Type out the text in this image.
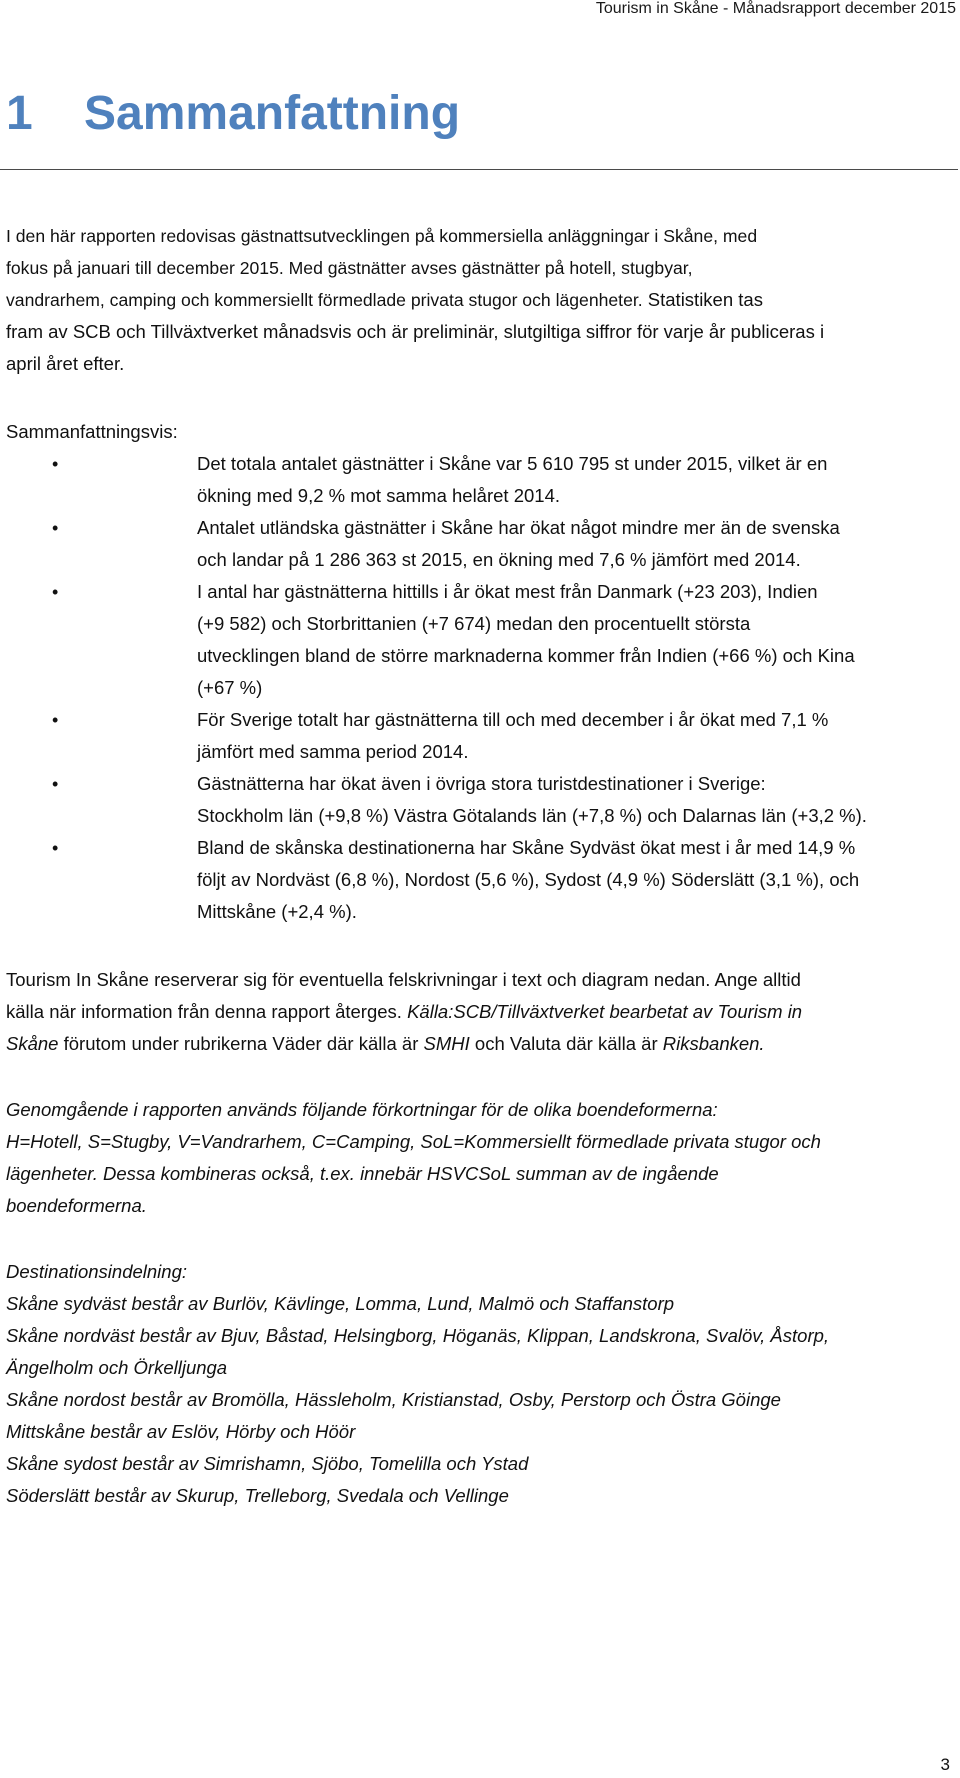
Tourism in Skåne - Månadsrapport december 2015
1 Sammanfattning

I den här rapporten redovisas gästnattsutvecklingen på kommersiella anläggningar i Skåne, med

fokus på januari till december 2015. Med gästnätter avses gästnätter på hotell, stugbyar,

vandrarhem, camping och kommersiellt förmedlade privata stugor och lägenheter. Statistiken tas

fram av SCB och Tillväxtverket månadsvis och är preliminär, slutgiltiga siffror för varje år publiceras i

april året efter.

Sammanfattningsvis:
•	Det totala antalet gästnätter i Skåne var 5 610 795 st under 2015, vilket är en
ökning med 9,2 % mot samma helåret 2014.
•	Antalet utländska gästnätter i Skåne har ökat något mindre mer än de svenska
och landar på 1 286 363 st 2015, en ökning med 7,6 % jämfört med 2014.
•	I antal har gästnätterna hittills i år ökat mest från Danmark (+23 203), Indien
(+9 582) och Storbrittanien (+7 674) medan den procentuellt största
utvecklingen bland de större marknaderna kommer från Indien (+66 %) och Kina
(+67 %)
•	För Sverige totalt har gästnätterna till och med december i år ökat med 7,1 %
jämfört med samma period 2014.
•	Gästnätterna har ökat även i övriga stora turistdestinationer i Sverige:
Stockholm län (+9,8 %) Västra Götalands län (+7,8 %) och Dalarnas län (+3,2 %).
•	Bland de skånska destinationerna har Skåne Sydväst ökat mest i år med 14,9 %
följt av Nordväst (6,8 %), Nordost (5,6 %), Sydost (4,9 %) Söderslätt (3,1 %), och
Mittskåne (+2,4 %).

Tourism In Skåne reserverar sig för eventuella felskrivningar i text och diagram nedan. Ange alltid

källa när information från denna rapport återges. Källa:SCB/Tillväxtverket bearbetat av Tourism in

Skåne förutom under rubrikerna Väder där källa är SMHI och Valuta där källa är Riksbanken.

Genomgående i rapporten används följande förkortningar för de olika boendeformerna:

H=Hotell, S=Stugby, V=Vandrarhem, C=Camping, SoL=Kommersiellt förmedlade privata stugor och

lägenheter. Dessa kombineras också, t.ex. innebär HSVCSoL summan av de ingående

boendeformerna.

Destinationsindelning:

Skåne sydväst består av Burlöv, Kävlinge, Lomma, Lund, Malmö och Staffanstorp

Skåne nordväst består av Bjuv, Båstad, Helsingborg, Höganäs, Klippan, Landskrona, Svalöv, Åstorp,

Ängelholm och Örkelljunga

Skåne nordost består av Bromölla, Hässleholm, Kristianstad, Osby, Perstorp och Östra Göinge

Mittskåne består av Eslöv, Hörby och Höör

Skåne sydost består av Simrishamn, Sjöbo, Tomelilla och Ystad

Söderslätt består av Skurup, Trelleborg, Svedala och Vellinge

3
